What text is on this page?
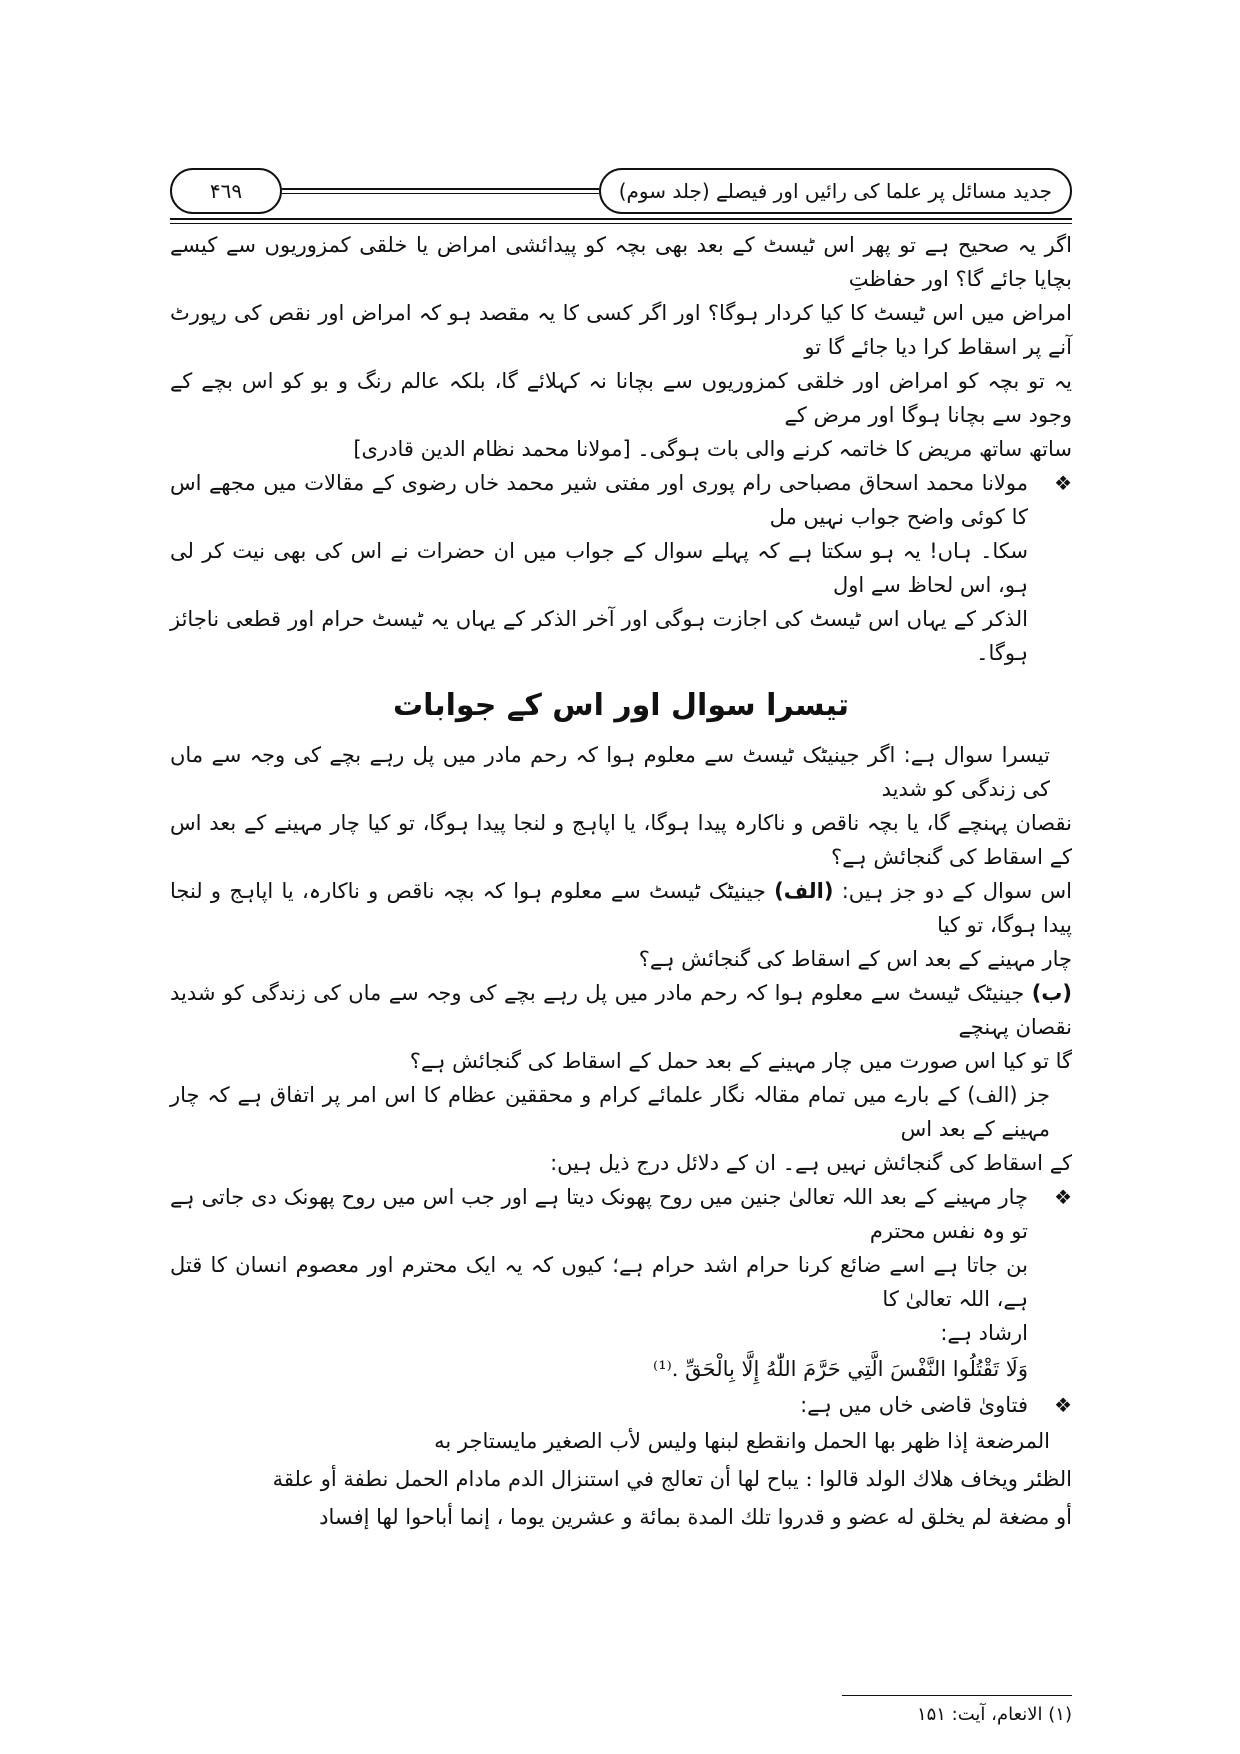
۴٦٩	جدید مسائل پر علما کی رائیں اور فیصلے (جلد سوم)
اگر یہ صحیح ہے تو پھر اس ٹیسٹ کے بعد بھی بچہ کو پیدائشی امراض یا خلقی کمزوریوں سے کیسے بچایا جائے گا؟ اور حفاظتِ
امراض میں اس ٹیسٹ کا کیا کردار ہوگا؟ اور اگر کسی کا یہ مقصد ہو کہ امراض اور نقص کی رپورٹ آنے پر اسقاط کرا دیا جائے گا تو
یہ تو بچہ کو امراض اور خلقی کمزوریوں سے بچانا نہ کہلائے گا، بلکہ عالم رنگ و بو کو اس بچے کے وجود سے بچانا ہوگا اور مرض کے
ساتھ ساتھ مریض کا خاتمہ کرنے والی بات ہوگی۔ [مولانا محمد نظام الدین قادری]
❖
مولانا محمد اسحاق مصباحی رام پوری اور مفتی شیر محمد خاں رضوی کے مقالات میں مجھے اس کا کوئی واضح جواب نہیں مل
سکا۔ ہاں! یہ ہو سکتا ہے کہ پہلے سوال کے جواب میں ان حضرات نے اس کی بھی نیت کر لی ہو، اس لحاظ سے اول
الذکر کے یہاں اس ٹیسٹ کی اجازت ہوگی اور آخر الذکر کے یہاں یہ ٹیسٹ حرام اور قطعی ناجائز ہوگا۔
تیسرا سوال اور اس کے جوابات
تیسرا سوال ہے: اگر جینیٹک ٹیسٹ سے معلوم ہوا کہ رحم مادر میں پل رہے بچے کی وجہ سے ماں کی زندگی کو شدید
نقصان پہنچے گا، یا بچہ ناقص و ناکارہ پیدا ہوگا، یا اپاہج و لنجا پیدا ہوگا، تو کیا چار مہینے کے بعد اس کے اسقاط کی گنجائش ہے؟
اس سوال کے دو جز ہیں: (الف) جینیٹک ٹیسٹ سے معلوم ہوا کہ بچہ ناقص و ناکارہ، یا اپاہج و لنجا پیدا ہوگا، تو کیا
چار مہینے کے بعد اس کے اسقاط کی گنجائش ہے؟
(ب) جینیٹک ٹیسٹ سے معلوم ہوا کہ رحم مادر میں پل رہے بچے کی وجہ سے ماں کی زندگی کو شدید نقصان پہنچے
گا تو کیا اس صورت میں چار مہینے کے بعد حمل کے اسقاط کی گنجائش ہے؟
جز (الف) کے بارے میں تمام مقالہ نگار علمائے کرام و محققین عظام کا اس امر پر اتفاق ہے کہ چار مہینے کے بعد اس
کے اسقاط کی گنجائش نہیں ہے۔ ان کے دلائل درج ذیل ہیں:
❖
چار مہینے کے بعد اللہ تعالیٰ جنین میں روح پھونک دیتا ہے اور جب اس میں روح پھونک دی جاتی ہے تو وہ نفس محترم
بن جاتا ہے اسے ضائع کرنا حرام اشد حرام ہے؛ کیوں کہ یہ ایک محترم اور معصوم انسان کا قتل ہے، اللہ تعالیٰ کا
ارشاد ہے:
وَلَا تَقْتُلُوا النَّفْسَ الَّتِي حَرَّمَ اللّٰهُ إِلَّا بِالْحَقِّ .⁽¹⁾
❖
فتاویٰ قاضی خاں میں ہے:
المرضعة إذا ظهر بها الحمل وانقطع لبنها وليس لأب الصغير مايستاجر به
الظئر ويخاف هلاك الولد قالوا : يباح لها أن تعالج في استنزال الدم مادام الحمل نطفة أو علقة
أو مضغة لم يخلق له عضو و قدروا تلك المدة بمائة و عشرين يوما ، إنما أباحوا لها إفساد
(۱) الانعام، آیت: ۱۵۱
